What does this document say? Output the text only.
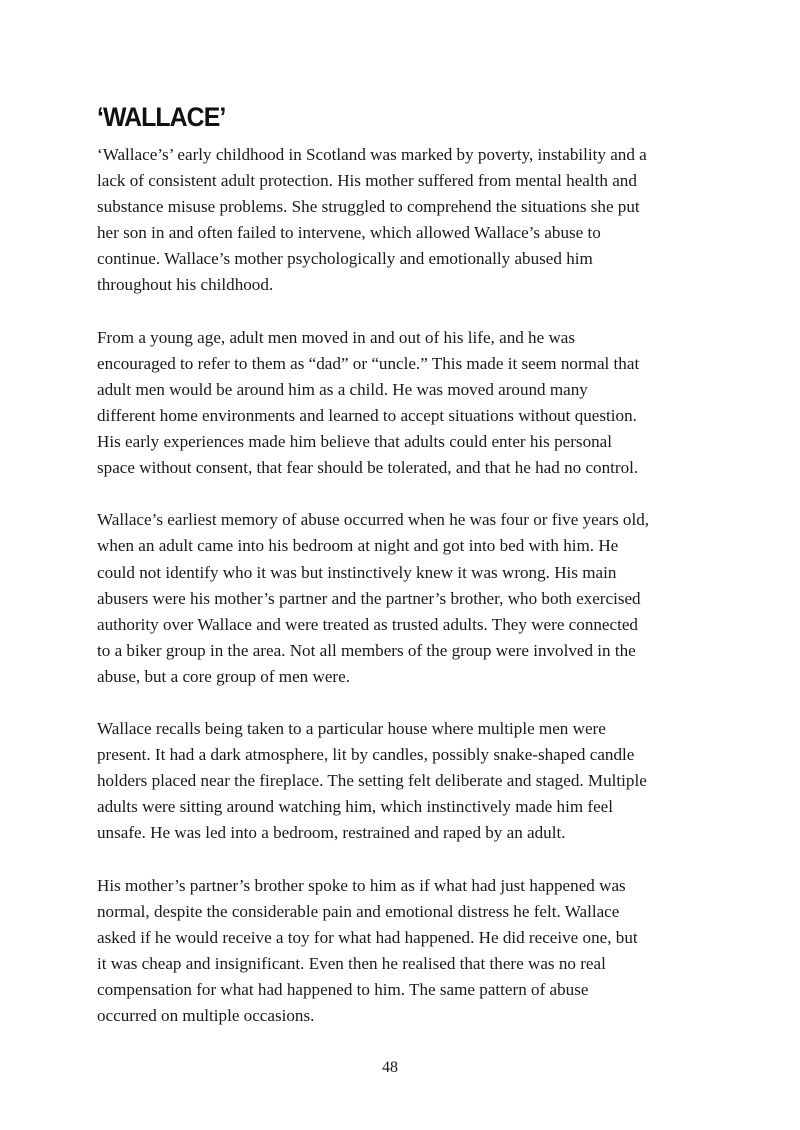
‘WALLACE’

‘Wallace’s’ early childhood in Scotland was marked by poverty, instability and a
lack of consistent adult protection. His mother suffered from mental health and
substance misuse problems. She struggled to comprehend the situations she put
her son in and often failed to intervene, which allowed Wallace’s abuse to
continue. Wallace’s mother psychologically and emotionally abused him
throughout his childhood.

From a young age, adult men moved in and out of his life, and he was
encouraged to refer to them as “dad” or “uncle.” This made it seem normal that
adult men would be around him as a child. He was moved around many
different home environments and learned to accept situations without question.
His early experiences made him believe that adults could enter his personal
space without consent, that fear should be tolerated, and that he had no control.

Wallace’s earliest memory of abuse occurred when he was four or five years old,
when an adult came into his bedroom at night and got into bed with him. He
could not identify who it was but instinctively knew it was wrong. His main
abusers were his mother’s partner and the partner’s brother, who both exercised
authority over Wallace and were treated as trusted adults. They were connected
to a biker group in the area. Not all members of the group were involved in the
abuse, but a core group of men were.

Wallace recalls being taken to a particular house where multiple men were
present. It had a dark atmosphere, lit by candles, possibly snake-shaped candle
holders placed near the fireplace. The setting felt deliberate and staged. Multiple
adults were sitting around watching him, which instinctively made him feel
unsafe. He was led into a bedroom, restrained and raped by an adult.

His mother’s partner’s brother spoke to him as if what had just happened was
normal, despite the considerable pain and emotional distress he felt. Wallace
asked if he would receive a toy for what had happened. He did receive one, but
it was cheap and insignificant. Even then he realised that there was no real
compensation for what had happened to him. The same pattern of abuse
occurred on multiple occasions.

48
